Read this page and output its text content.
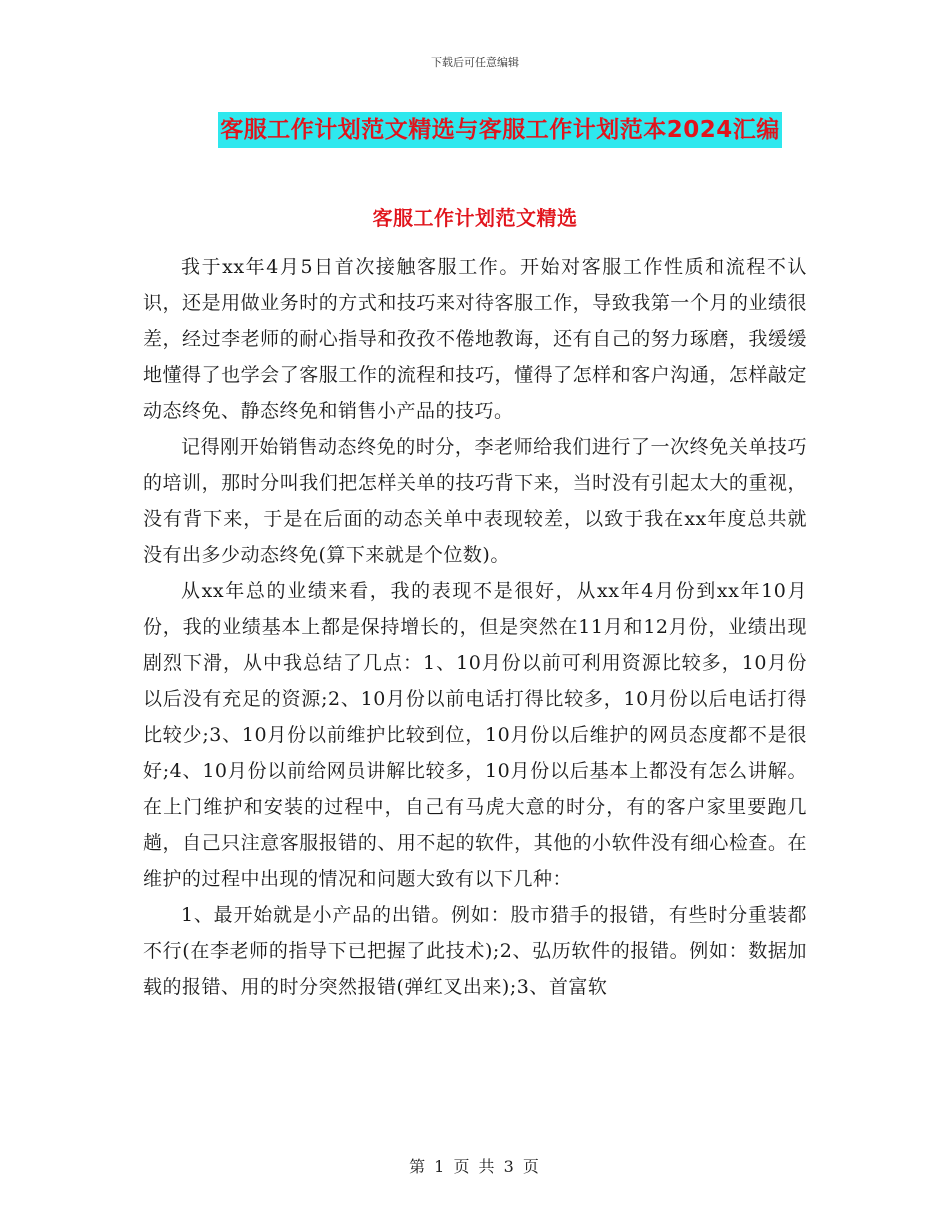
下载后可任意编辑
客服工作计划范文精选与客服工作计划范本2024汇编
客服工作计划范文精选

我于xx年4月5日首次接触客服工作。开始对客服工作性质和流程不认识，还是用做业务时的方式和技巧来对待客服工作，导致我第一个月的业绩很差，经过李老师的耐心指导和孜孜不倦地教诲，还有自己的努力琢磨，我缓缓地懂得了也学会了客服工作的流程和技巧，懂得了怎样和客户沟通，怎样敲定动态终免、静态终免和销售小产品的技巧。

记得刚开始销售动态终免的时分，李老师给我们进行了一次终免关单技巧的培训，那时分叫我们把怎样关单的技巧背下来，当时没有引起太大的重视，没有背下来，于是在后面的动态关单中表现较差，以致于我在xx年度总共就没有出多少动态终免(算下来就是个位数)。

从xx年总的业绩来看，我的表现不是很好，从xx年4月份到xx年10月份，我的业绩基本上都是保持增长的，但是突然在11月和12月份，业绩出现剧烈下滑，从中我总结了几点：1、10月份以前可利用资源比较多，10月份以后没有充足的资源;2、10月份以前电话打得比较多，10月份以后电话打得比较少;3、10月份以前维护比较到位，10月份以后维护的网员态度都不是很好;4、10月份以前给网员讲解比较多，10月份以后基本上都没有怎么讲解。在上门维护和安装的过程中，自己有马虎大意的时分，有的客户家里要跑几趟，自己只注意客服报错的、用不起的软件，其他的小软件没有细心检查。在维护的过程中出现的情况和问题大致有以下几种：

1、最开始就是小产品的出错。例如：股市猎手的报错，有些时分重装都不行(在李老师的指导下已把握了此技术);2、弘历软件的报错。例如：数据加载的报错、用的时分突然报错(弹红叉出来);3、首富软

第 1 页 共 3 页
